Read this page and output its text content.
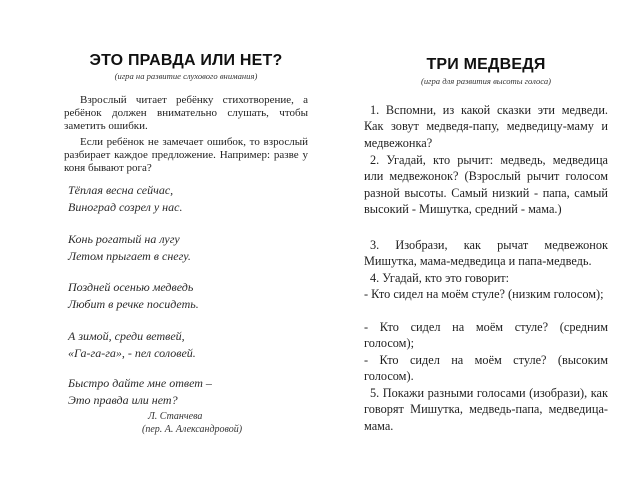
ЭТО ПРАВДА ИЛИ НЕТ?
(игра на развитие слухового внимания)
Взрослый читает ребёнку стихотворение, а ребёнок должен внимательно слушать, чтобы заметить ошибки.
Если ребёнок не замечает ошибок, то взрослый разбирает каждое предложение. Например: разве у коня бывают рога?
Тёплая весна сейчас,
Виноград созрел у нас.
Конь рогатый на лугу
Летом прыгает в снегу.
Поздней осенью медведь
Любит в речке посидеть.
А зимой, среди ветвей,
«Га-га-га», - пел соловей.
Быстро дайте мне ответ –
Это правда или нет?
Л. Станчева
(пер. А. Александровой)
ТРИ МЕДВЕДЯ
(игра для развития высоты голоса)
1. Вспомни, из какой сказки эти медведи. Как зовут медведя-папу, медведицу-маму и медвежонка?
2. Угадай, кто рычит: медведь, медведица или медвежонок? (Взрослый рычит голосом разной высоты. Самый низкий - папа, самый высокий - Мишутка, средний - мама.)
3. Изобрази, как рычат медвежонок Мишутка, мама-медведица и папа-медведь.
4. Угадай, кто это говорит:
- Кто сидел на моём стуле? (низким голосом);
- Кто сидел на моём стуле? (средним голосом);
- Кто сидел на моём стуле? (высоким голосом).
5. Покажи разными голосами (изобрази), как говорят Мишутка, медведь-папа, медведица-мама.
